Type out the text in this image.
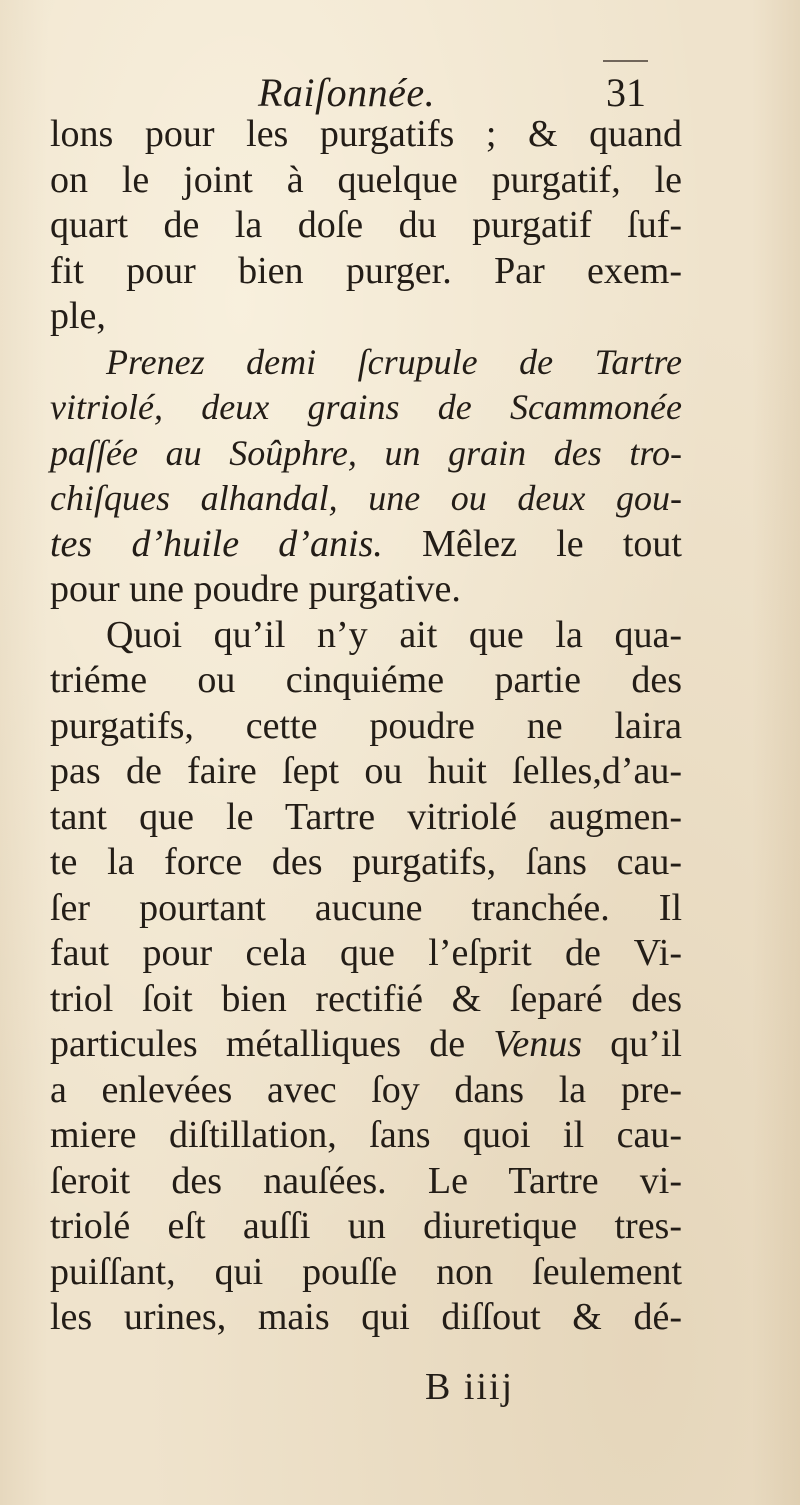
Raiſonnée.	31
lons pour les purgatifs ; & quand
on le joint à quelque purgatif, le
quart de la doſe du purgatif ſuf-
fit pour bien purger. Par exem-
ple,
Prenez demi ſcrupule de Tartre
vitriolé, deux grains de Scammonée
paſſée au Soûphre, un grain des tro-
chiſques alhandal, une ou deux gou-
tes d’huile d’anis. Mêlez le tout
pour une poudre purgative.
Quoi qu’il n’y ait que la qua-
triéme ou cinquiéme partie des
purgatifs, cette poudre ne laira
pas de faire ſept ou huit ſelles,d’au-
tant que le Tartre vitriolé augmen-
te la force des purgatifs, ſans cau-
ſer pourtant aucune tranchée. Il
faut pour cela que l’eſprit de Vi-
triol ſoit bien rectifié & ſeparé des
particules métalliques de Venus qu’il
a enlevées avec ſoy dans la pre-
miere diſtillation, ſans quoi il cau-
ſeroit des nauſées. Le Tartre vi-
triolé eſt auſſi un diuretique tres-
puiſſant, qui pouſſe non ſeulement
les urines, mais qui diſſout & dé-
B iiij
